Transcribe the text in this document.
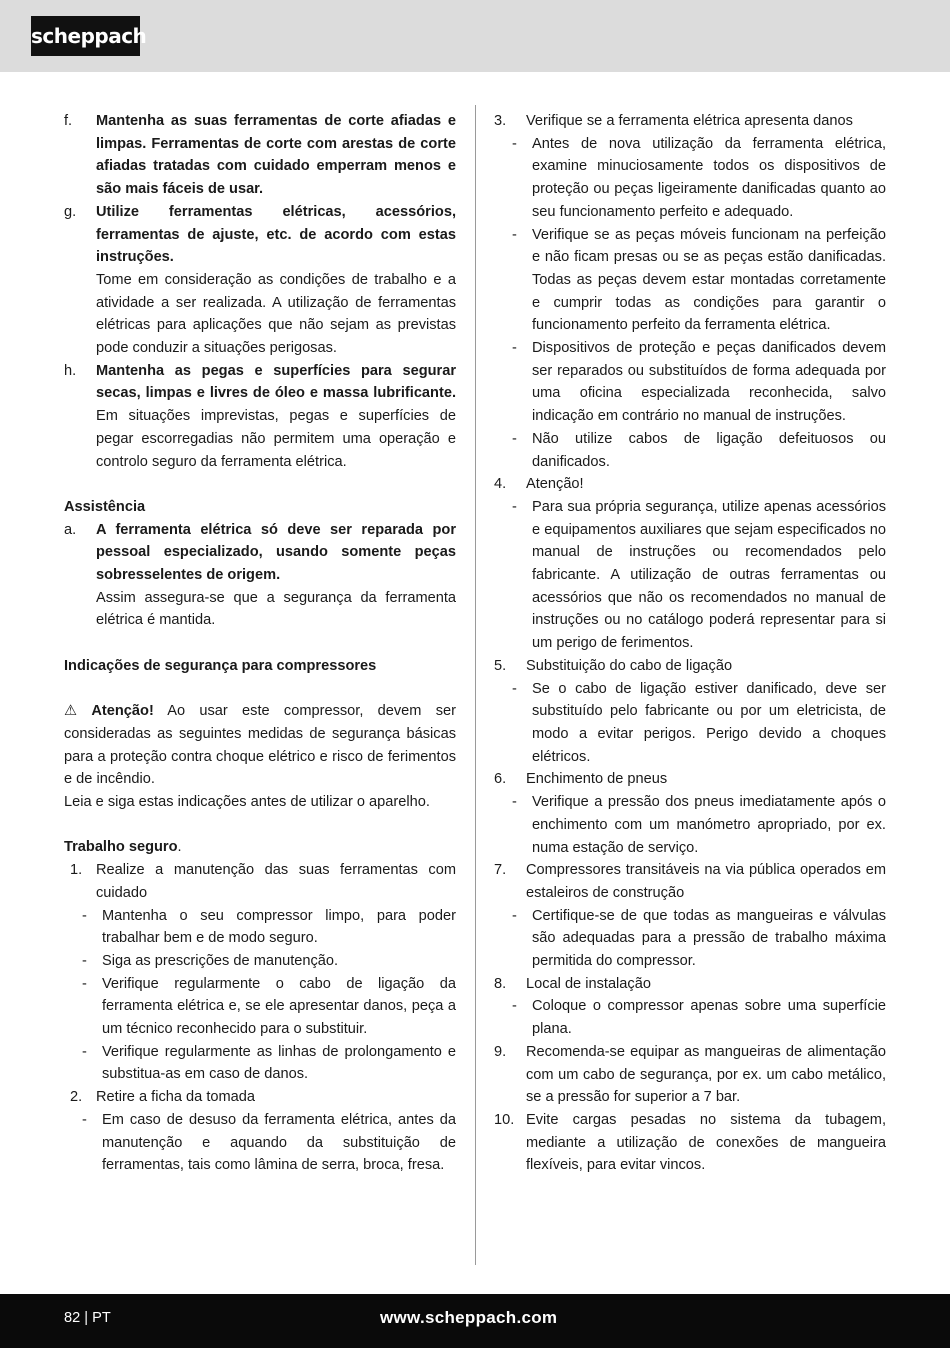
scheppach
f. Mantenha as suas ferramentas de corte afiadas e limpas. Ferramentas de corte com arestas de corte afiadas tratadas com cuidado emperram menos e são mais fáceis de usar.
g. Utilize ferramentas elétricas, acessórios, ferramentas de ajuste, etc. de acordo com estas instruções.
Tome em consideração as condições de trabalho e a atividade a ser realizada. A utilização de ferramentas elétricas para aplicações que não sejam as previstas pode conduzir a situações perigosas.
h. Mantenha as pegas e superfícies para segurar secas, limpas e livres de óleo e massa lubrificante. Em situações imprevistas, pegas e superfícies de pegar escorregadias não permitem uma operação e controlo seguro da ferramenta elétrica.
Assistência
a. A ferramenta elétrica só deve ser reparada por pessoal especializado, usando somente peças sobresselentes de origem.
Assim assegura-se que a segurança da ferramenta elétrica é mantida.
Indicações de segurança para compressores
⚠ Atenção! Ao usar este compressor, devem ser consideradas as seguintes medidas de segurança básicas para a proteção contra choque elétrico e risco de ferimentos e de incêndio.
Leia e siga estas indicações antes de utilizar o aparelho.
Trabalho seguro.
1. Realize a manutenção das suas ferramentas com cuidado
- Mantenha o seu compressor limpo, para poder trabalhar bem e de modo seguro.
- Siga as prescrições de manutenção.
- Verifique regularmente o cabo de ligação da ferramenta elétrica e, se ele apresentar danos, peça a um técnico reconhecido para o substituir.
- Verifique regularmente as linhas de prolongamento e substitua-as em caso de danos.
2. Retire a ficha da tomada
- Em caso de desuso da ferramenta elétrica, antes da manutenção e aquando da substituição de ferramentas, tais como lâmina de serra, broca, fresa.
3. Verifique se a ferramenta elétrica apresenta danos
- Antes de nova utilização da ferramenta elétrica, examine minuciosamente todos os dispositivos de proteção ou peças ligeiramente danificadas quanto ao seu funcionamento perfeito e adequado.
- Verifique se as peças móveis funcionam na perfeição e não ficam presas ou se as peças estão danificadas. Todas as peças devem estar montadas corretamente e cumprir todas as condições para garantir o funcionamento perfeito da ferramenta elétrica.
- Dispositivos de proteção e peças danificados devem ser reparados ou substituídos de forma adequada por uma oficina especializada reconhecida, salvo indicação em contrário no manual de instruções.
- Não utilize cabos de ligação defeituosos ou danificados.
4. Atenção!
- Para sua própria segurança, utilize apenas acessórios e equipamentos auxiliares que sejam especificados no manual de instruções ou recomendados pelo fabricante. A utilização de outras ferramentas ou acessórios que não os recomendados no manual de instruções ou no catálogo poderá representar para si um perigo de ferimentos.
5. Substituição do cabo de ligação
- Se o cabo de ligação estiver danificado, deve ser substituído pelo fabricante ou por um eletricista, de modo a evitar perigos. Perigo devido a choques elétricos.
6. Enchimento de pneus
- Verifique a pressão dos pneus imediatamente após o enchimento com um manómetro apropriado, por ex. numa estação de serviço.
7. Compressores transitáveis na via pública operados em estaleiros de construção
- Certifique-se de que todas as mangueiras e válvulas são adequadas para a pressão de trabalho máxima permitida do compressor.
8. Local de instalação
- Coloque o compressor apenas sobre uma superfície plana.
9. Recomenda-se equipar as mangueiras de alimentação com um cabo de segurança, por ex. um cabo metálico, se a pressão for superior a 7 bar.
10. Evite cargas pesadas no sistema da tubagem, mediante a utilização de conexões de mangueira flexíveis, para evitar vincos.
82 | PT	www.scheppach.com
